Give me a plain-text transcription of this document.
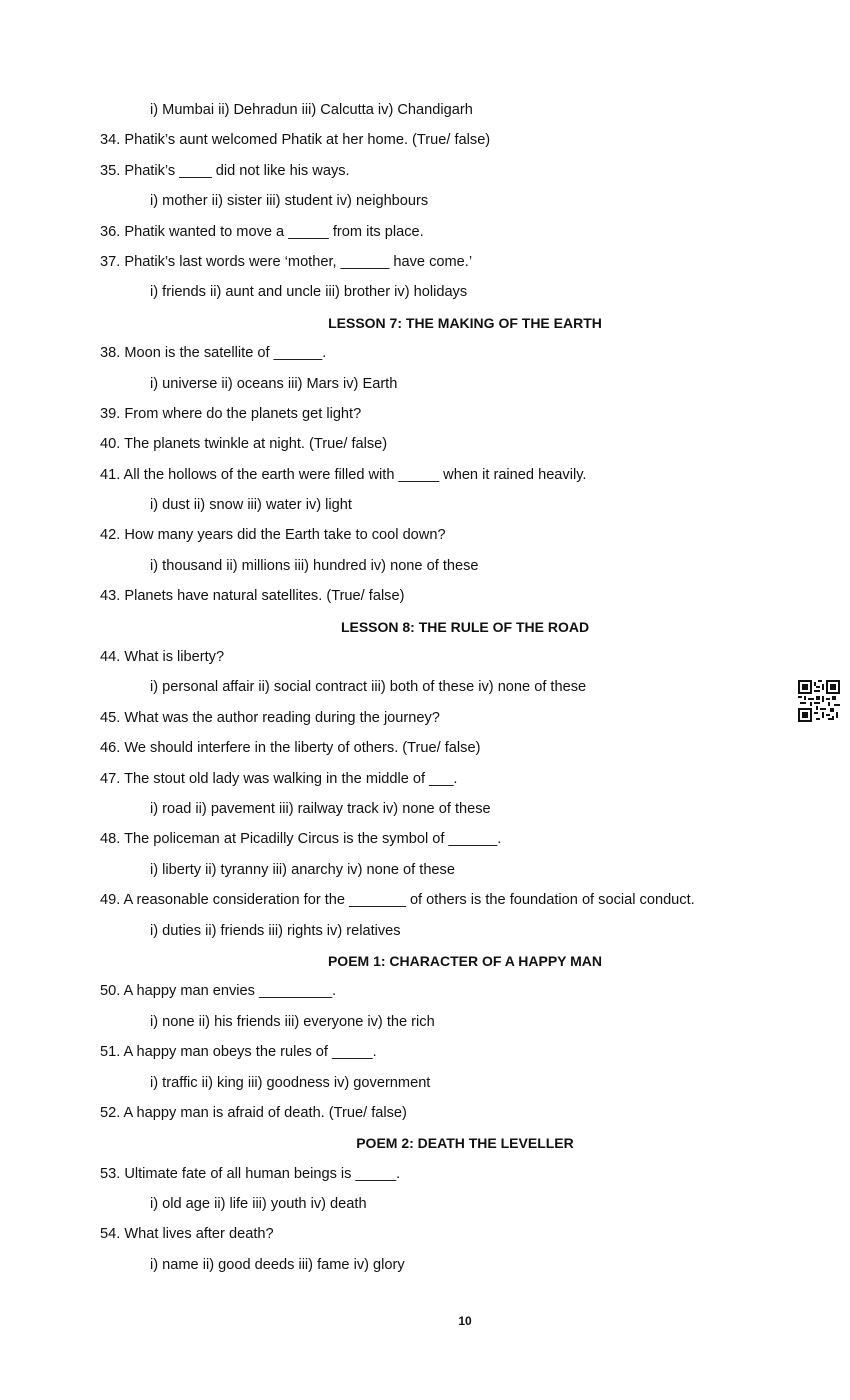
i) Mumbai ii) Dehradun iii) Calcutta iv) Chandigarh
34. Phatik’s aunt welcomed Phatik at her home. (True/ false)
35. Phatik’s ____ did not like his ways.
i) mother ii) sister iii) student iv) neighbours
36. Phatik wanted to move a _____ from its place.
37. Phatik’s last words were ‘mother, ______ have come.’
i) friends ii) aunt and uncle iii) brother iv) holidays
LESSON 7: THE MAKING OF THE EARTH
38. Moon is the satellite of ______.
i) universe ii) oceans iii) Mars iv) Earth
39. From where do the planets get light?
40. The planets twinkle at night. (True/ false)
41. All the hollows of the earth were filled with _____ when it rained heavily.
i) dust ii) snow iii) water iv) light
42. How many years did the Earth take to cool down?
i) thousand ii) millions iii) hundred iv) none of these
43. Planets have natural satellites. (True/ false)
LESSON 8: THE RULE OF THE ROAD
44. What is liberty?
i) personal affair ii) social contract iii) both of these iv) none of these
45. What was the author reading during the journey?
46. We should interfere in the liberty of others. (True/ false)
47. The stout old lady was walking in the middle of ___.
i) road ii) pavement iii) railway track iv) none of these
48. The policeman at Picadilly Circus is the symbol of ______.
i) liberty ii) tyranny iii) anarchy iv) none of these
49. A reasonable consideration for the _______ of others is the foundation of social conduct.
i) duties ii) friends iii) rights iv) relatives
POEM 1: CHARACTER OF A HAPPY MAN
50. A happy man envies _________.
i) none ii) his friends iii) everyone iv) the rich
51. A happy man obeys the rules of _____.
i) traffic ii) king iii) goodness iv) government
52. A happy man is afraid of death. (True/ false)
POEM 2: DEATH THE LEVELLER
53. Ultimate fate of all human beings is _____.
i) old age ii) life iii) youth iv) death
54. What lives after death?
i) name ii) good deeds iii) fame iv) glory
10
